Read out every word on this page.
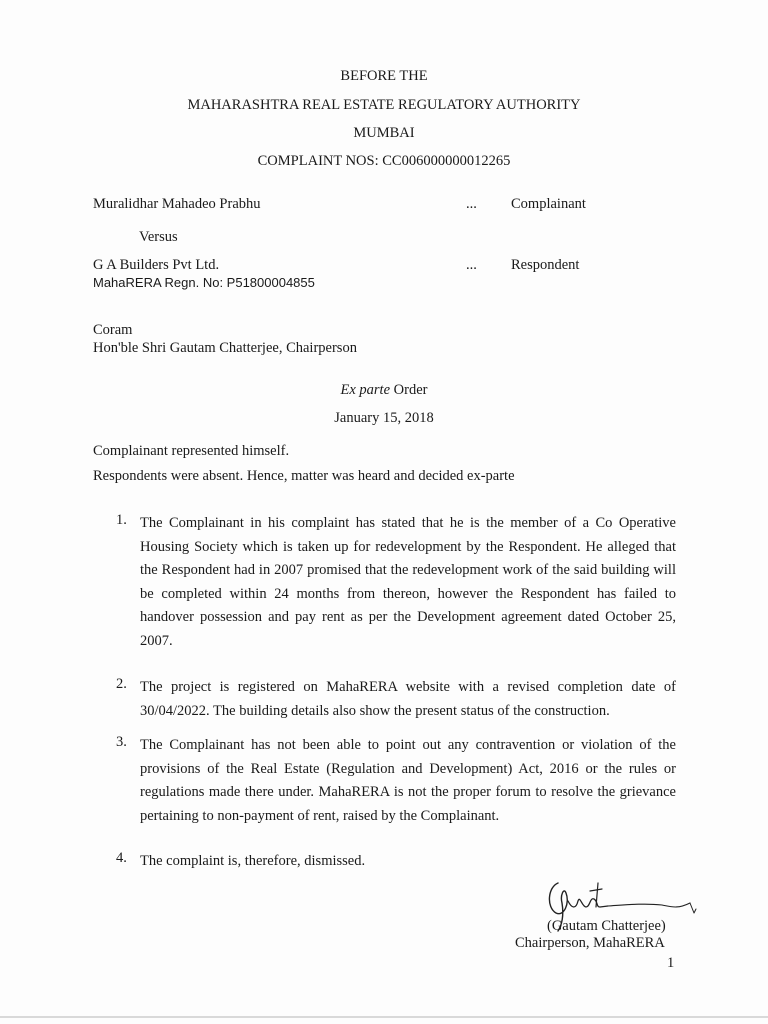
BEFORE THE
MAHARASHTRA REAL ESTATE REGULATORY AUTHORITY
MUMBAI
COMPLAINT NOS: CC006000000012265
Muralidhar Mahadeo Prabhu	... Complainant
Versus
G A Builders Pvt Ltd.
MahaRERA Regn. No: P51800004855
... Respondent
Coram
Hon'ble Shri Gautam Chatterjee, Chairperson
Ex parte Order
January 15, 2018
Complainant represented himself.
Respondents were absent. Hence, matter was heard and decided ex-parte
1. The Complainant in his complaint has stated that he is the member of a Co Operative Housing Society which is taken up for redevelopment by the Respondent. He alleged that the Respondent had in 2007 promised that the redevelopment work of the said building will be completed within 24 months from thereon, however the Respondent has failed to handover possession and pay rent as per the Development agreement dated October 25, 2007.
2. The project is registered on MahaRERA website with a revised completion date of 30/04/2022. The building details also show the present status of the construction.
3. The Complainant has not been able to point out any contravention or violation of the provisions of the Real Estate (Regulation and Development) Act, 2016 or the rules or regulations made there under. MahaRERA is not the proper forum to resolve the grievance pertaining to non-payment of rent, raised by the Complainant.
4. The complaint is, therefore, dismissed.
(Gautam Chatterjee)
Chairperson, MahaRERA
1
